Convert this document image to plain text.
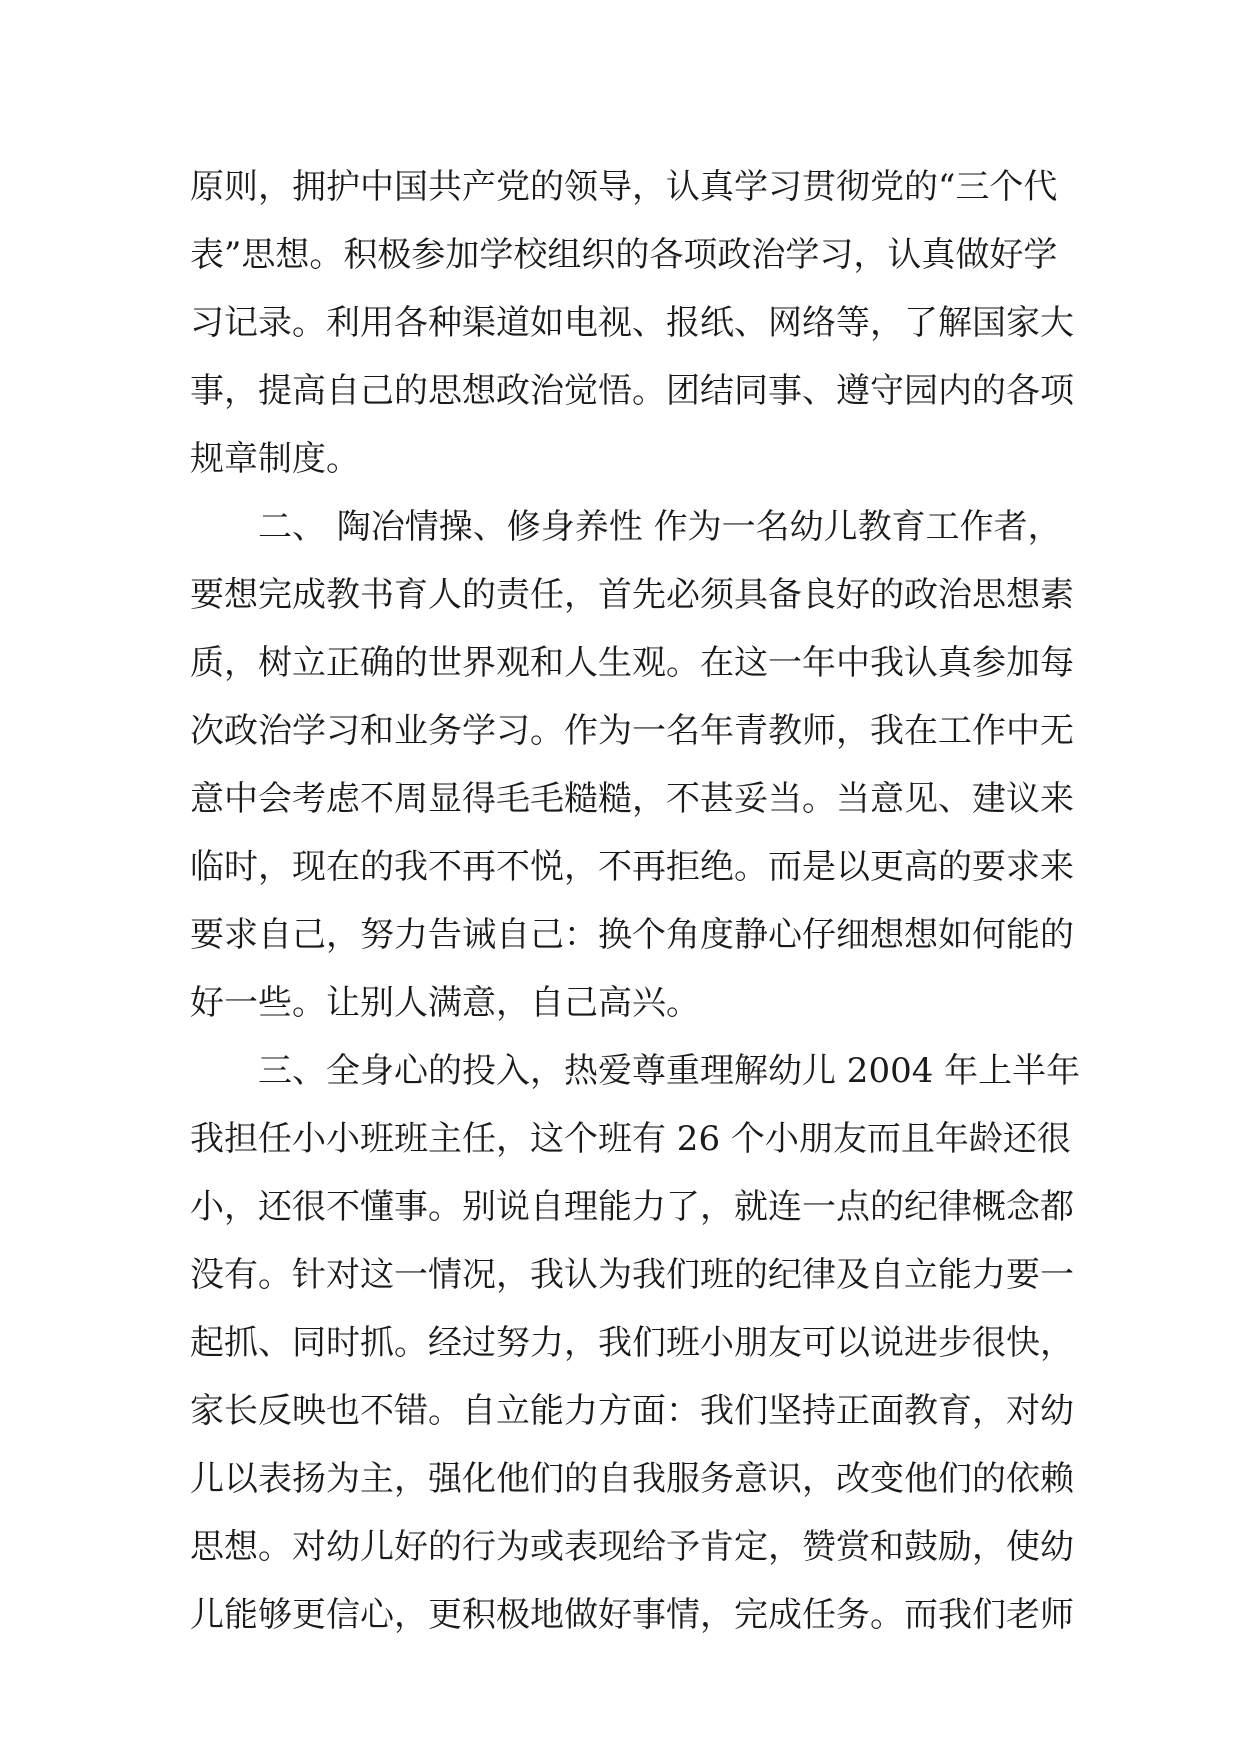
原则，拥护中国共产党的领导，认真学习贯彻党的“三个代
表”思想。积极参加学校组织的各项政治学习，认真做好学
习记录。利用各种渠道如电视、报纸、网络等，了解国家大
事，提高自己的思想政治觉悟。团结同事、遵守园内的各项
规章制度。
二、 陶冶情操、修身养性 作为一名幼儿教育工作者，
要想完成教书育人的责任，首先必须具备良好的政治思想素
质，树立正确的世界观和人生观。在这一年中我认真参加每
次政治学习和业务学习。作为一名年青教师，我在工作中无
意中会考虑不周显得毛毛糙糙，不甚妥当。当意见、建议来
临时，现在的我不再不悦，不再拒绝。而是以更高的要求来
要求自己，努力告诫自己：换个角度静心仔细想想如何能的
好一些。让别人满意，自己高兴。
三、全身心的投入，热爱尊重理解幼儿 2004 年上半年
我担任小小班班主任，这个班有 26 个小朋友而且年龄还很
小，还很不懂事。别说自理能力了，就连一点的纪律概念都
没有。针对这一情况，我认为我们班的纪律及自立能力要一
起抓、同时抓。经过努力，我们班小朋友可以说进步很快，
家长反映也不错。自立能力方面：我们坚持正面教育，对幼
儿以表扬为主，强化他们的自我服务意识，改变他们的依赖
思想。对幼儿好的行为或表现给予肯定，赞赏和鼓励，使幼
儿能够更信心，更积极地做好事情，完成任务。而我们老师
